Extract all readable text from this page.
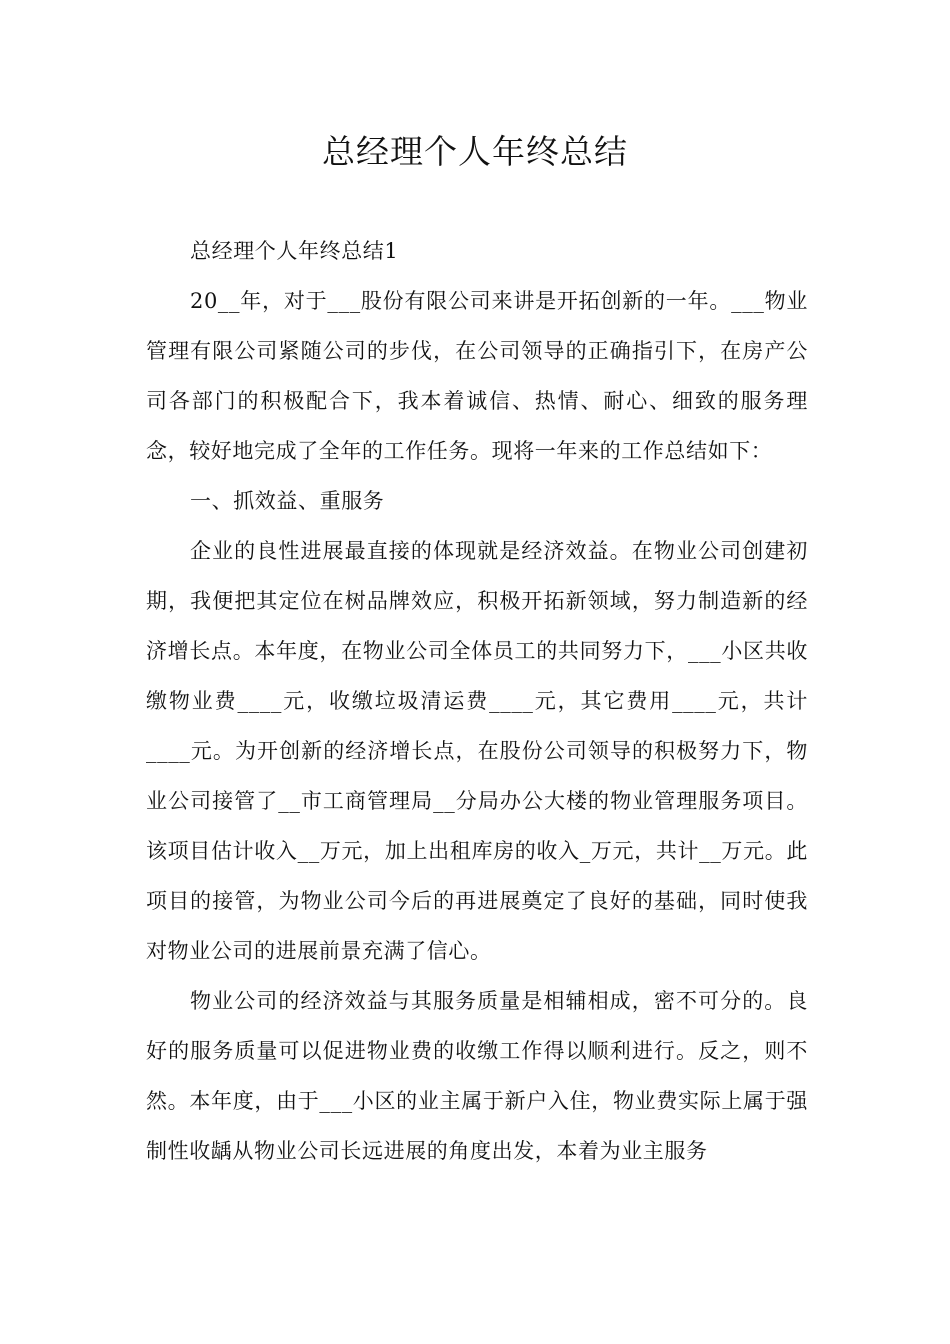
总经理个人年终总结

总经理个人年终总结1

20__年，对于___股份有限公司来讲是开拓创新的一年。___物业管理有限公司紧随公司的步伐，在公司领导的正确指引下，在房产公司各部门的积极配合下，我本着诚信、热情、耐心、细致的服务理念，较好地完成了全年的工作任务。现将一年来的工作总结如下：

一、抓效益、重服务

企业的良性进展最直接的体现就是经济效益。在物业公司创建初期，我便把其定位在树品牌效应，积极开拓新领域，努力制造新的经济增长点。本年度，在物业公司全体员工的共同努力下，___小区共收缴物业费____元，收缴垃圾清运费____元，其它费用____元，共计____元。为开创新的经济增长点，在股份公司领导的积极努力下，物业公司接管了__市工商管理局__分局办公大楼的物业管理服务项目。该项目估计收入__万元，加上出租库房的收入_万元，共计__万元。此项目的接管，为物业公司今后的再进展奠定了良好的基础，同时使我对物业公司的进展前景充满了信心。

物业公司的经济效益与其服务质量是相辅相成，密不可分的。良好的服务质量可以促进物业费的收缴工作得以顺利进行。反之，则不然。本年度，由于___小区的业主属于新户入住，物业费实际上属于强制性收龋从物业公司长远进展的角度出发，本着为业主服务
